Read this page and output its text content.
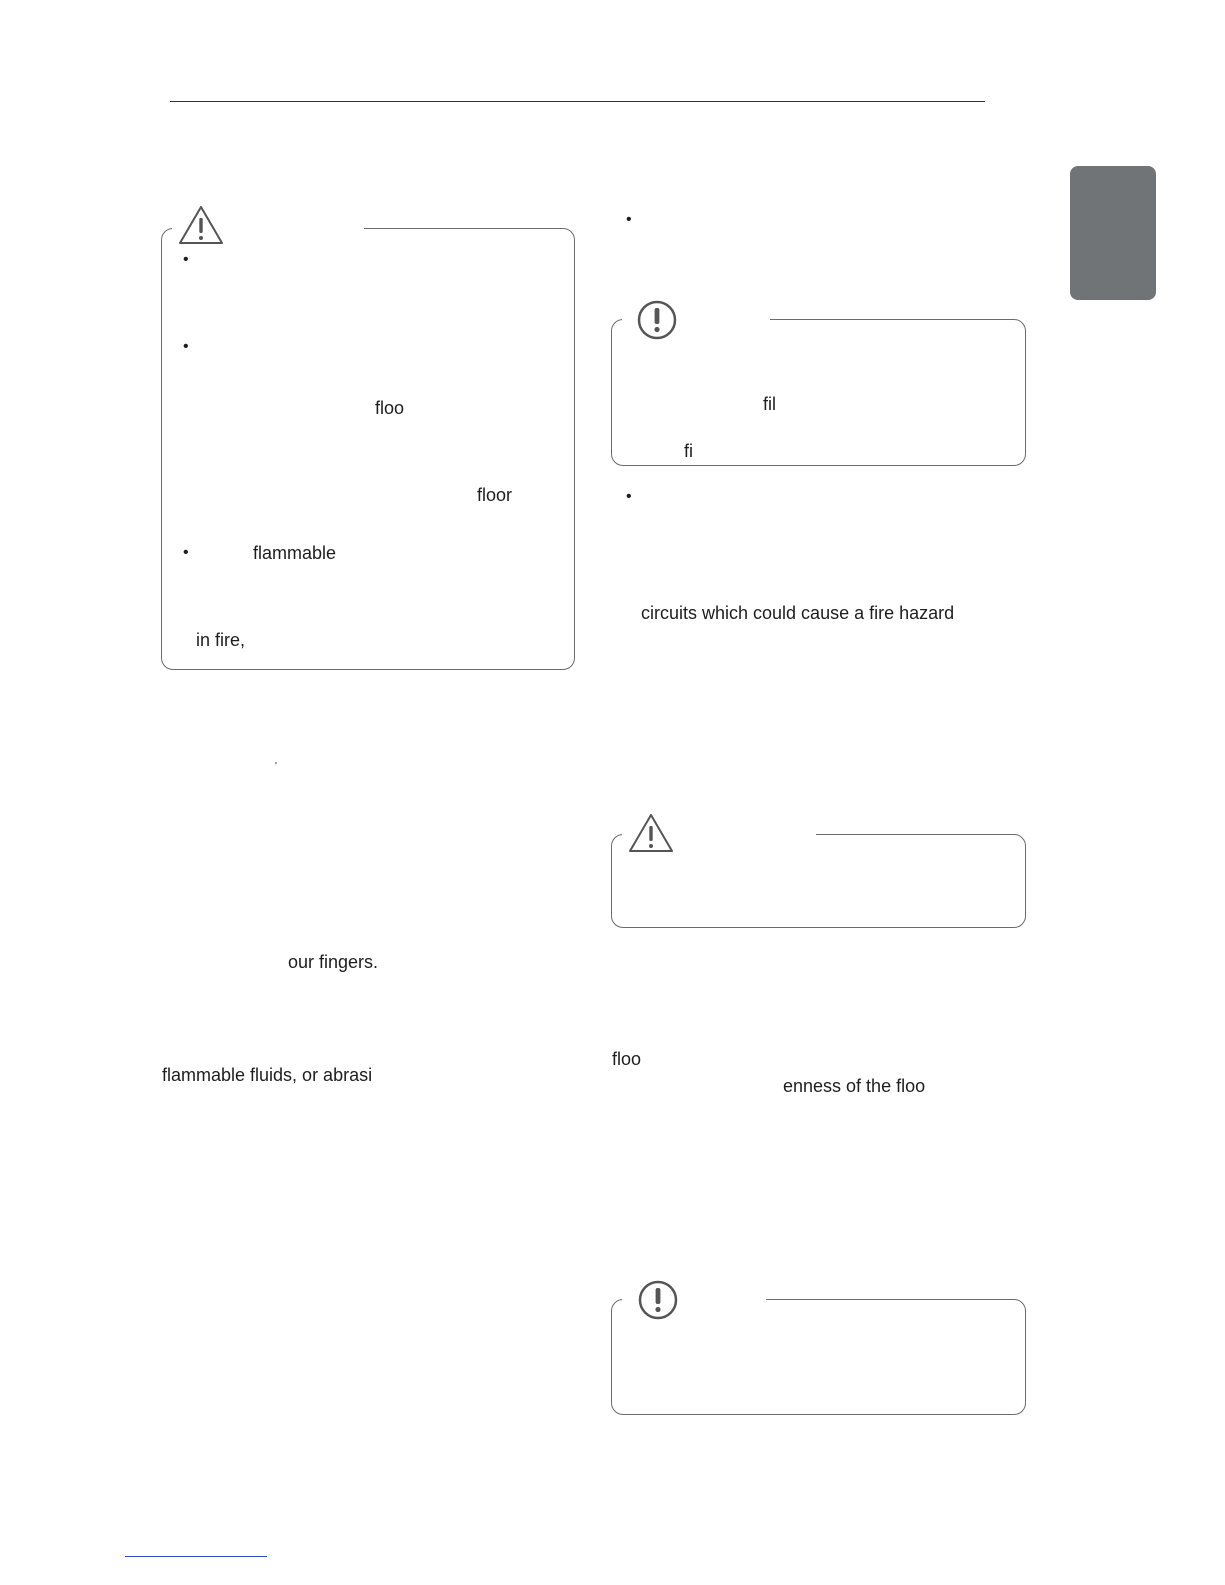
•
•
•
floo
floor
flammable
in fire,
'
our fingers.
flammable fluids, or abrasi
•
fil
fi
•
circuits which could cause a fire hazard
floo
enness of the floo
